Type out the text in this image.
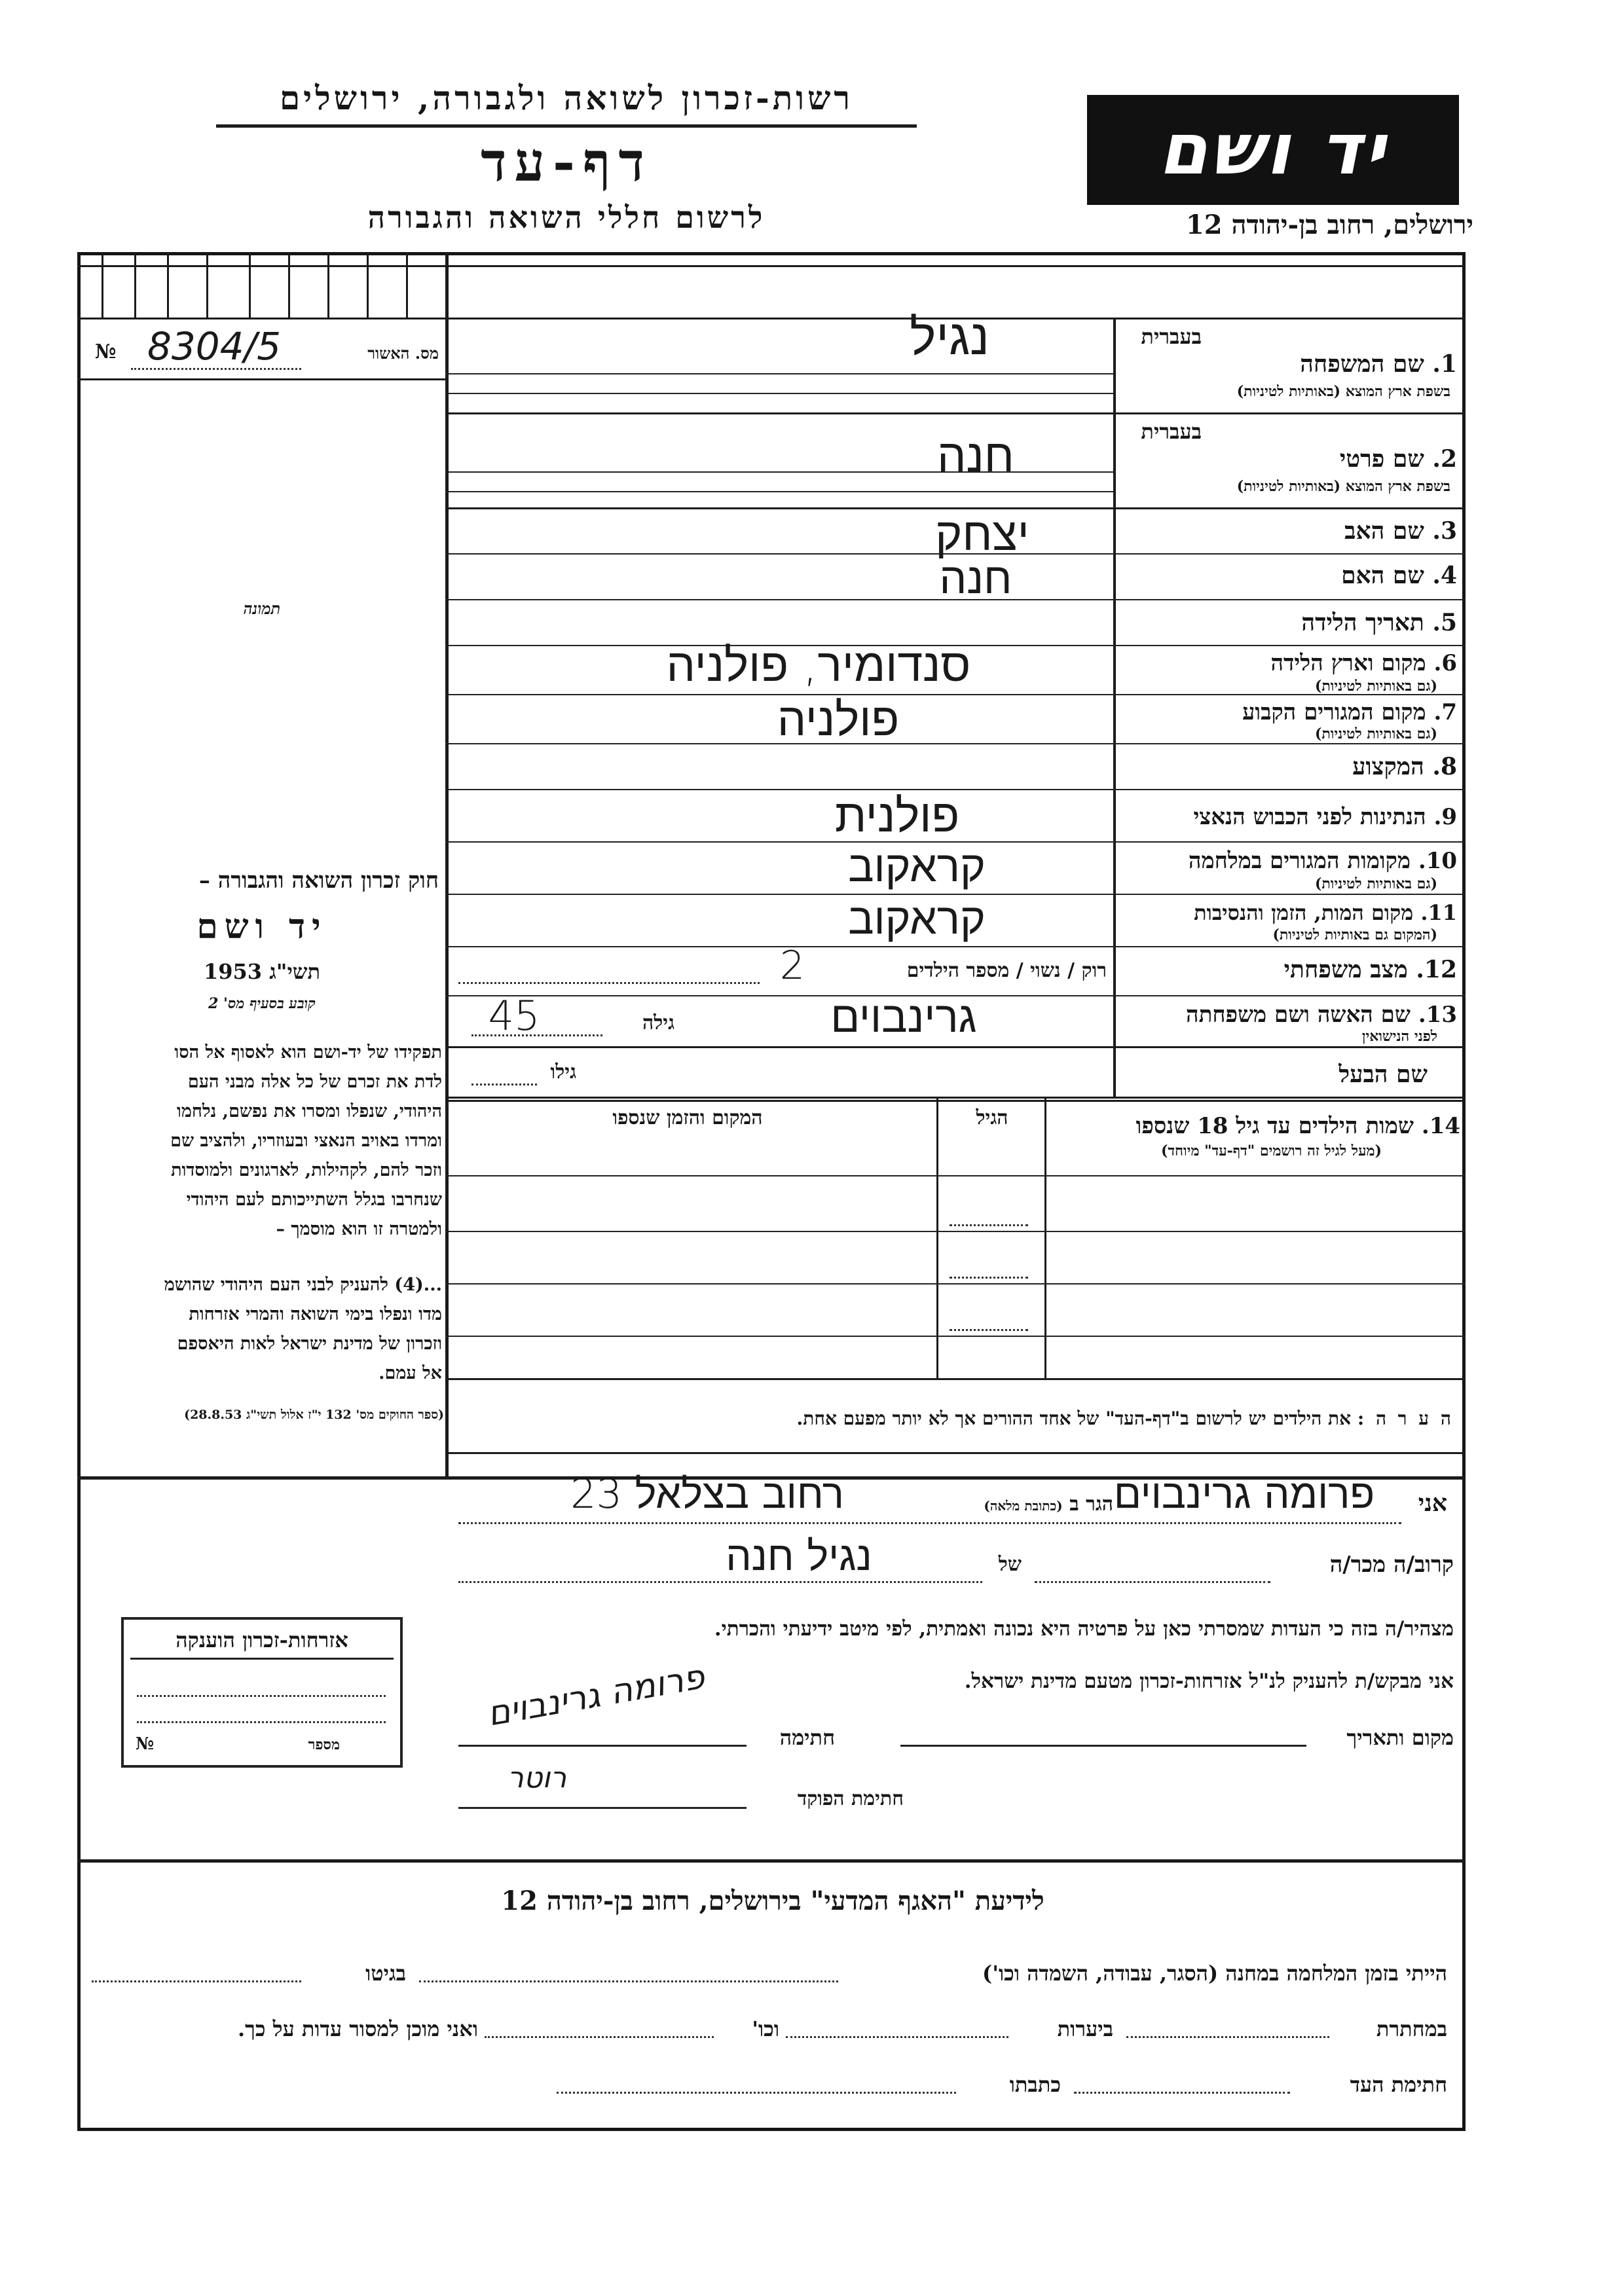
רשות-זכרון לשואה ולגבורה, ירושלים
דף-עד
לרשום חללי השואה והגבורה
יד ושם
ירושלים, רחוב בן-יהודה 12
№ 8304/5	מס. האשור
תמונה
חוק זכרון השואה והגבורה –
יד ושם
תשי"ג 1953
קובע בסעיף מס' 2
תפקידו של יד-ושם הוא לאסוף אל הסו
לדת את זכרם של כל אלה מבני העם
היהודי, שנפלו ומסרו את נפשם, נלחמו
ומרדו באויב הנאצי ובעוזריו, ולהציב שם
וזכר להם, לקהילות, לארגונים ולמוסדות
שנחרבו בגלל השתייכותם לעם היהודי
ולמטרה זו הוא מוסמך –
...(4) להעניק לבני העם היהודי שהושמ
מדו ונפלו בימי השואה והמרי אזרחות
וזכרון של מדינת ישראל לאות היאספם
אל עמם.
(ספר החוקים מס' 132 י"ז אלול תשי"ג 28.8.53)
בעברית
1. שם המשפחה
בשפת ארץ המוצא (באותיות לטיניות)
נגיל
בעברית
2. שם פרטי
בשפת ארץ המוצא (באותיות לטיניות)
חנה
3. שם האב
יצחק
4. שם האם
חנה
5. תאריך הלידה
6. מקום וארץ הלידה
(גם באותיות לטיניות)
סנדומיר, פולניה
7. מקום המגורים הקבוע
(גם באותיות לטיניות)
פולניה
8. המקצוע
9. הנתינות לפני הכבוש הנאצי
פולנית
10. מקומות המגורים במלחמה
(גם באותיות לטיניות)
קראקוב
11. מקום המות, הזמן והנסיבות
(המקום גם באותיות לטיניות)
קראקוב
12. מצב משפחתי
רוק / נשוי / מספר הילדים
2
13. שם האשה ושם משפחתה
לפני הנישואין
גרינבוים
גילה
45
שם הבעל
גילו
14. שמות הילדים עד גיל 18 שנספו
(מעל לגיל זה רושמים "דף-עד" מיוחד)
הגיל
המקום והזמן שנספו
ה ע ר ה : את הילדים יש לרשום ב"דף-העד" של אחד ההורים אך לא יותר מפעם אחת.
אני
פרומה גרינבוים
הגר ב (כתובת מלאה)
רחוב בצלאל 23
קרוב/ה מכר/ה
של
נגיל חנה
מצהיר/ה בזה כי העדות שמסרתי כאן על פרטיה היא נכונה ואמתית, לפי מיטב ידיעתי והכרתי.
אני מבקש/ת להעניק לנ"ל אזרחות-זכרון מטעם מדינת ישראל.
מקום ותאריך
חתימה
פרומה גרינבוים
חתימת הפוקד
רוטר
אזרחות-זכרון הוענקה
№	מספר
לידיעת "האגף המדעי" בירושלים, רחוב בן-יהודה 12
הייתי בזמן המלחמה במחנה (הסגר, עבודה, השמדה וכו')
בגיטו
במחתרת
ביערות
וכו'
ואני מוכן למסור עדות על כך.
חתימת העד
כתבתו
